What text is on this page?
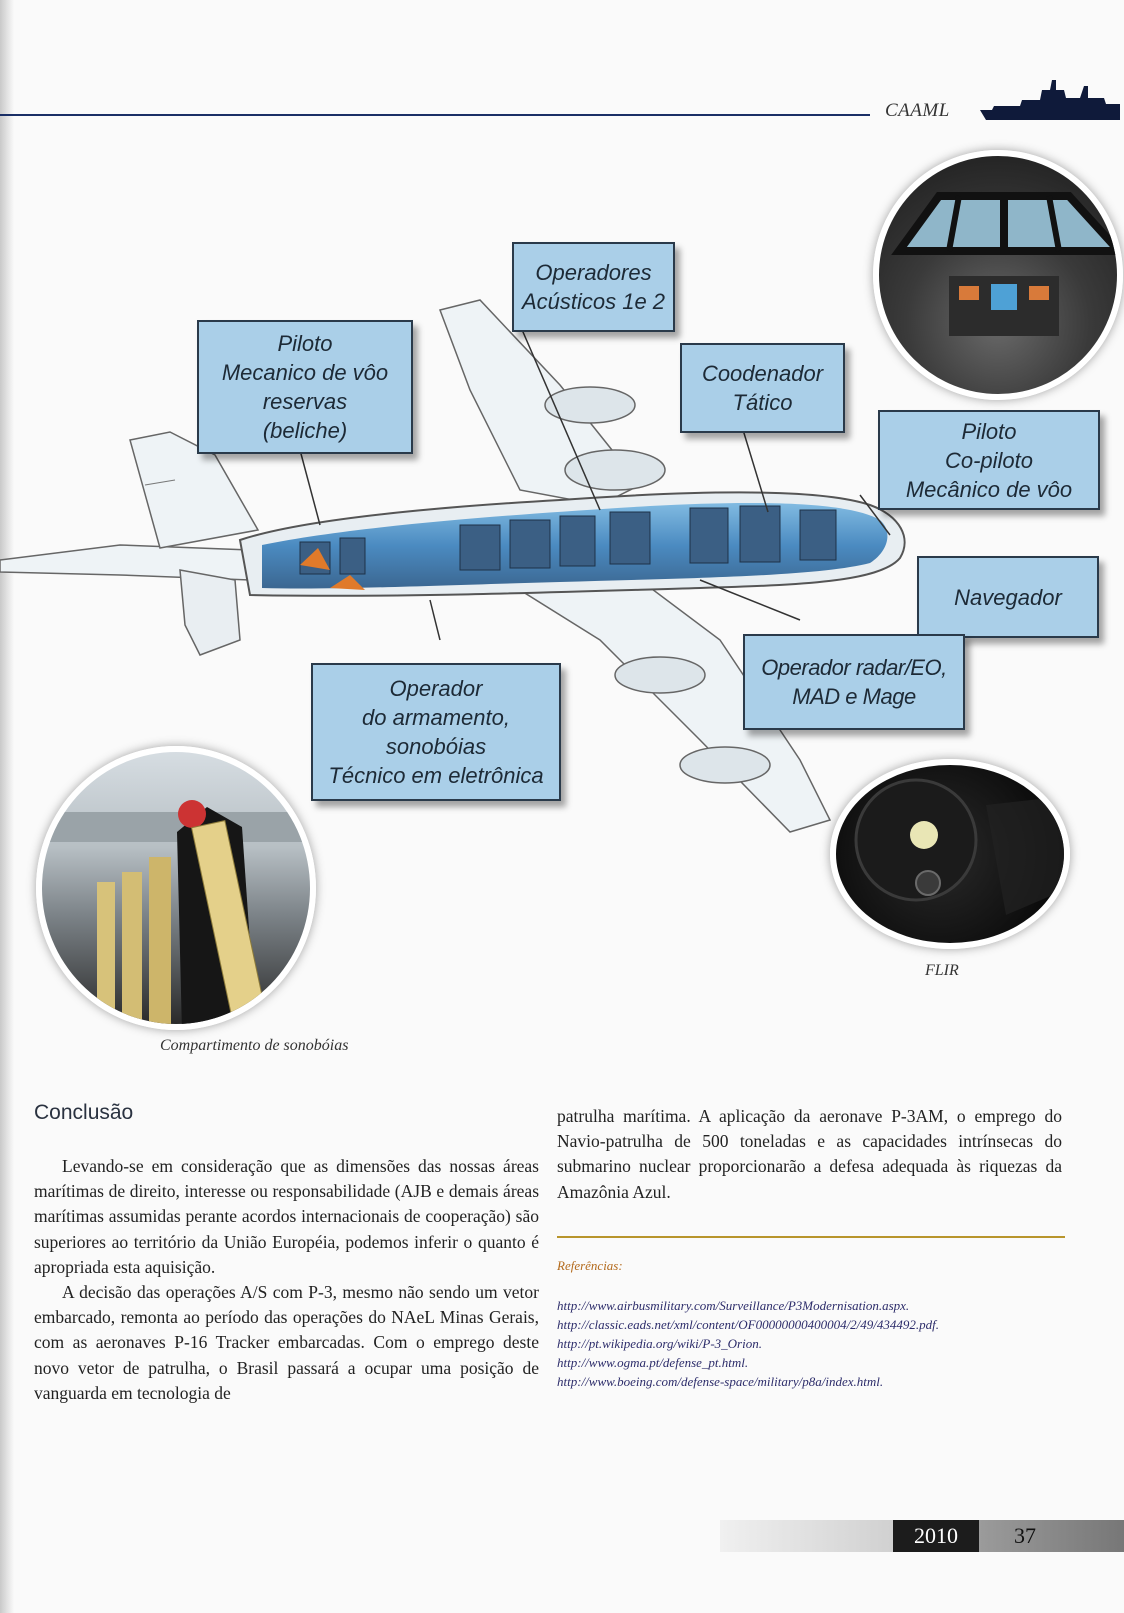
CAAML
Operadores Acústicos 1e 2
Piloto
Mecanico de vôo
reservas
(beliche)
Coodenador
Tático
Piloto
Co-piloto
Mecânico de vôo
Navegador
Operador radar/EO,
MAD e Mage
Operador
do armamento,
sonobóias
Técnico em eletrônica
FLIR
Compartimento de sonobóias
Conclusão

Levando-se em consideração que as dimensões das nossas áreas marítimas de direito, interesse ou responsabilidade (AJB e demais áreas marítimas assumidas perante acordos internacionais de cooperação) são superiores ao território da União Européia, podemos inferir o quanto é apropriada esta aquisição.

A decisão das operações A/S com P-3, mesmo não sendo um vetor embarcado, remonta ao período das operações do NAeL Minas Gerais, com as aeronaves P-16 Tracker embarcadas. Com o emprego deste novo vetor de patrulha, o Brasil passará a ocupar uma posição de vanguarda em tecnologia de

patrulha marítima. A aplicação da aeronave P-3AM, o emprego do Navio-patrulha de 500 toneladas e as capacidades intrínsecas do submarino nuclear proporcionarão a defesa adequada às riquezas da Amazônia Azul.

Referências:
http://www.airbusmilitary.com/Surveillance/P3Modernisation.aspx.
http://classic.eads.net/xml/content/OF00000000400004/2/49/434492.pdf.
http://pt.wikipedia.org/wiki/P-3_Orion.
http://www.ogma.pt/defense_pt.html.
http://www.boeing.com/defense-space/military/p8a/index.html.
2010	37
